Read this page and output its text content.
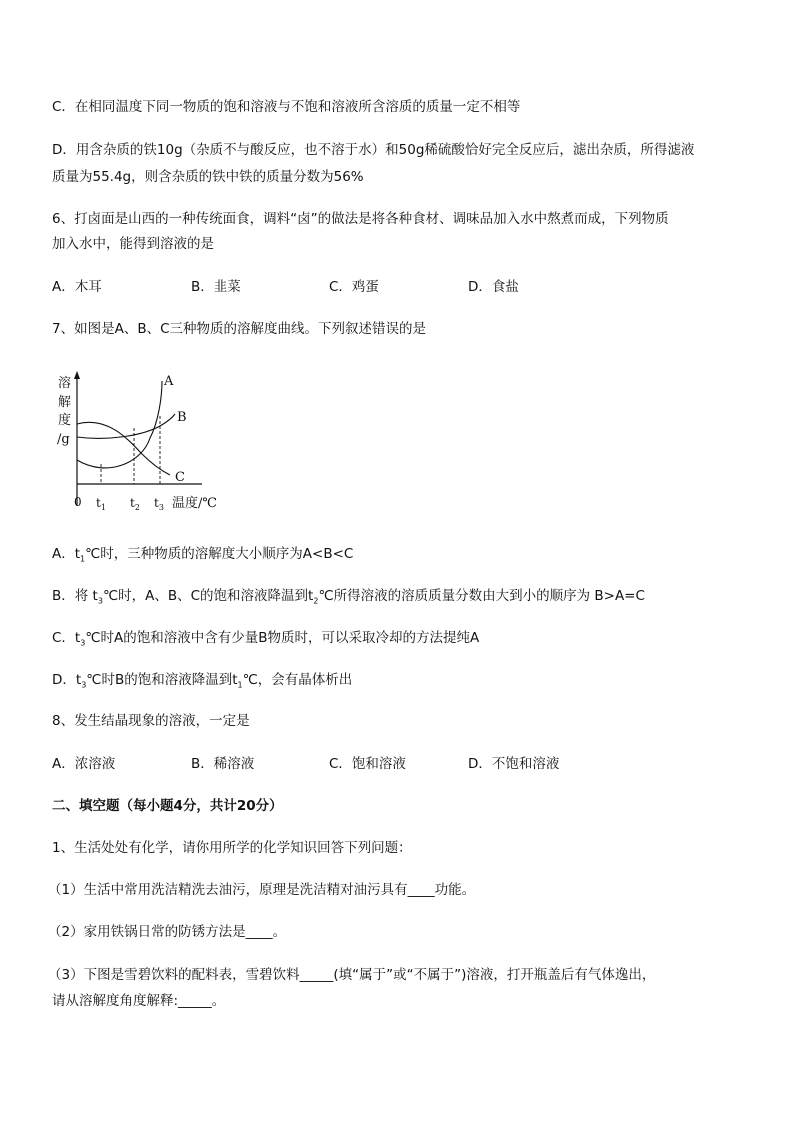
C．在相同温度下同一物质的饱和溶液与不饱和溶液所含溶质的质量一定不相等
D．用含杂质的铁10g（杂质不与酸反应，也不溶于水）和50g稀硫酸恰好完全反应后，滤出杂质，所得滤液
质量为55.4g，则含杂质的铁中铁的质量分数为56%
6、打卤面是山西的一种传统面食，调料“卤”的做法是将各种食材、调味品加入水中熬煮而成，下列物质
加入水中，能得到溶液的是
A．木耳	B．韭菜	C．鸡蛋	D．食盐
7、如图是A、B、C三种物质的溶解度曲线。下列叙述错误的是
溶
解
度
/g
A
B
C
0 $t_1$ $t_2$ $t_3$ 温度/℃
A．$t_1℃$时，三种物质的溶解度大小顺序为A<B<C
B．将 $t_3℃$时，A、B、C的饱和溶液降温到$t_2℃$所得溶液的溶质质量分数由大到小的顺序为 B>A=C
C．$t_3℃$时A的饱和溶液中含有少量B物质时，可以采取冷却的方法提纯A
D．$t_3℃$时B的饱和溶液降温到$t_1℃$，会有晶体析出
8、发生结晶现象的溶液，一定是
A．浓溶液	B．稀溶液	C．饱和溶液	D．不饱和溶液
二、填空题（每小题4分，共计20分）
1、生活处处有化学，请你用所学的化学知识回答下列问题：
（1）生活中常用洗洁精洗去油污，原理是洗洁精对油污具有____功能。
（2）家用铁锅日常的防锈方法是____。
（3）下图是雪碧饮料的配料表，雪碧饮料_____(填“属于”或“不属于”)溶液，打开瓶盖后有气体逸出，
请从溶解度角度解释:_____。
